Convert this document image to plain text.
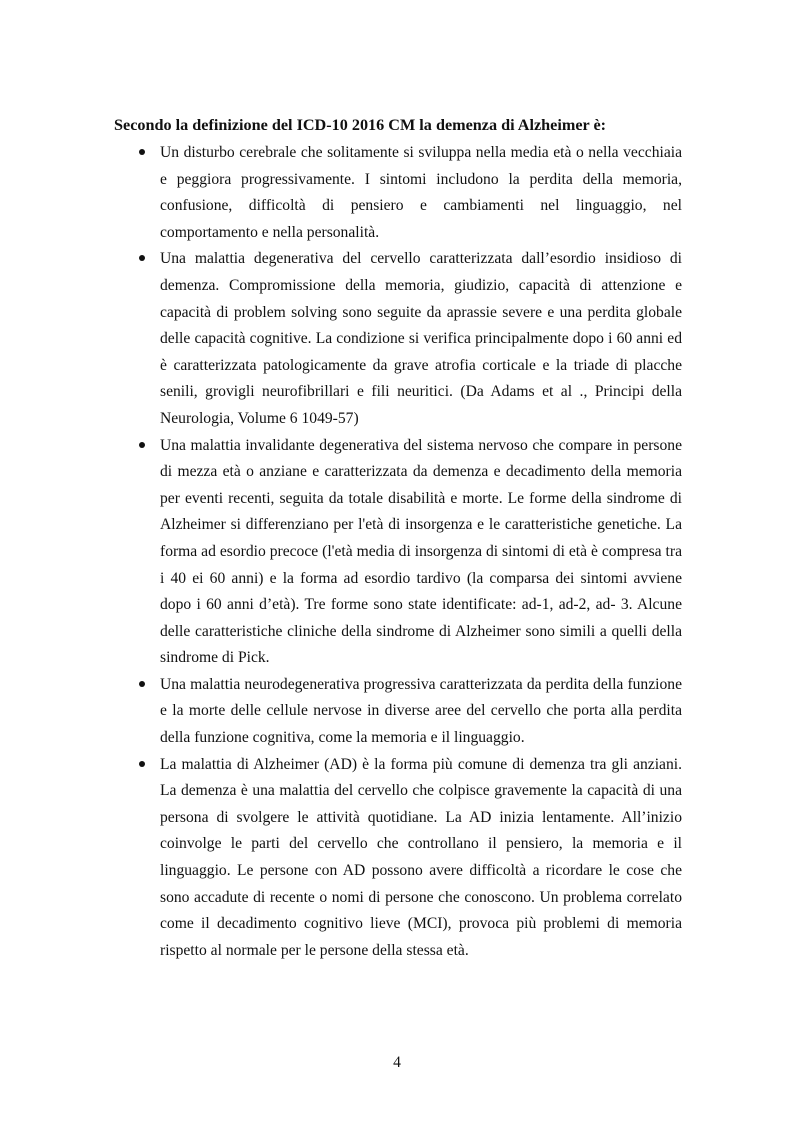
Secondo la definizione del ICD-10 2016 CM la demenza di Alzheimer è:
Un disturbo cerebrale che solitamente si sviluppa nella media età o nella vecchiaia e peggiora progressivamente. I sintomi includono la perdita della memoria, confusione, difficoltà di pensiero e cambiamenti nel linguaggio, nel comportamento e nella personalità.
Una malattia degenerativa del cervello caratterizzata dall’esordio insidioso di demenza. Compromissione della memoria, giudizio, capacità di attenzione e capacità di problem solving sono seguite da aprassie severe e una perdita globale delle capacità cognitive. La condizione si verifica principalmente dopo i 60 anni ed è caratterizzata patologicamente da grave atrofia corticale e la triade di placche senili, grovigli neurofibrillari e fili neuritici. (Da Adams et al ., Principi della Neurologia, Volume 6 1049-57)
Una malattia invalidante degenerativa del sistema nervoso che compare in persone di mezza età o anziane e caratterizzata da demenza e decadimento della memoria per eventi recenti, seguita da totale disabilità e morte. Le forme della sindrome di Alzheimer si differenziano per l'età di insorgenza e le caratteristiche genetiche. La forma ad esordio precoce (l'età media di insorgenza di sintomi di età è compresa tra i 40 ei 60 anni) e la forma ad esordio tardivo (la comparsa dei sintomi avviene dopo i 60 anni d’età). Tre forme sono state identificate: ad-1, ad-2, ad- 3. Alcune delle caratteristiche cliniche della sindrome di Alzheimer sono simili a quelli della sindrome di Pick.
Una malattia neurodegenerativa progressiva caratterizzata da perdita della funzione e la morte delle cellule nervose in diverse aree del cervello che porta alla perdita della funzione cognitiva, come la memoria e il linguaggio.
La malattia di Alzheimer (AD) è la forma più comune di demenza tra gli anziani. La demenza è una malattia del cervello che colpisce gravemente la capacità di una persona di svolgere le attività quotidiane. La AD inizia lentamente. All’inizio coinvolge le parti del cervello che controllano il pensiero, la memoria e il linguaggio. Le persone con AD possono avere difficoltà a ricordare le cose che sono accadute di recente o nomi di persone che conoscono. Un problema correlato come il decadimento cognitivo lieve (MCI), provoca più problemi di memoria rispetto al normale per le persone della stessa età.
4
